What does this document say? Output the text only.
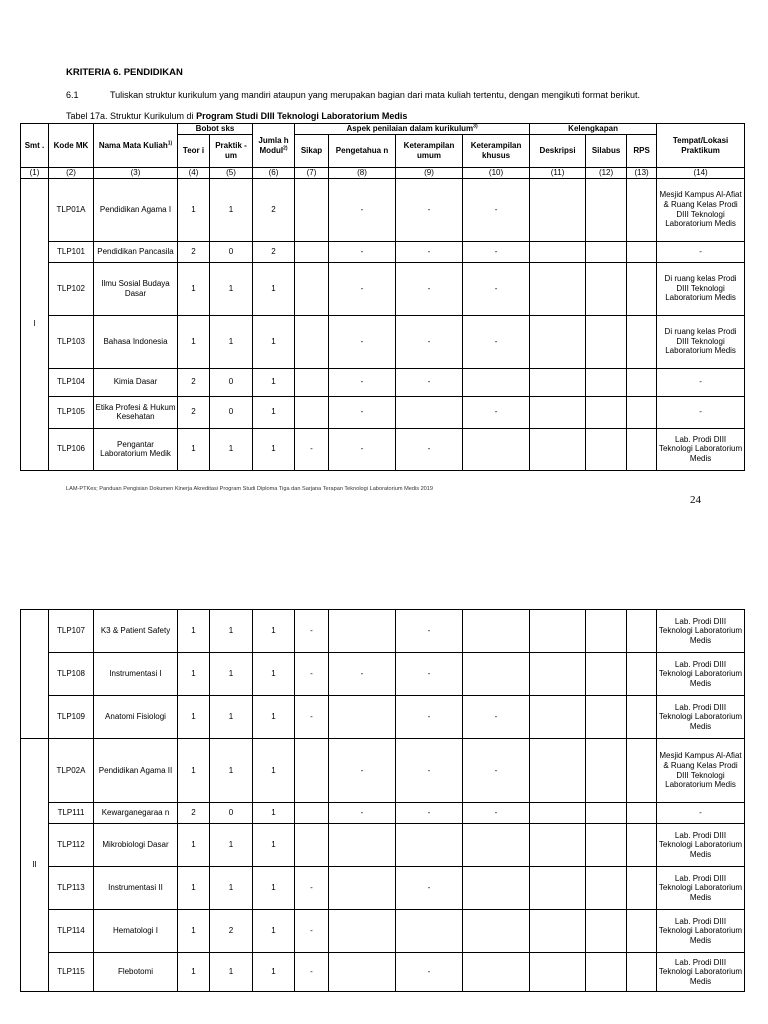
KRITERIA 6. PENDIDIKAN
6.1	Tuliskan struktur kurikulum yang mandiri ataupun yang merupakan bagian dari mata kuliah tertentu, dengan mengikuti format berikut.
Tabel 17a. Struktur Kurikulum di Program Studi DIII Teknologi Laboratorium Medis
Smt .	Kode MK	Nama Mata Kuliah$^{1)}$	Bobot sks		Jumla h Modul$^{2)}$	Aspek penilaian dalam kurikulum$^{3)}$				Kelengkapan			Tempat/Lokasi Praktikum
			Teor i	Praktik -um		Sikap	Pengetahua n	Keterampilan umum	Keterampilan khusus	Deskripsi	Silabus	RPS	
(1)	(2)	(3)	(4)	(5)	(6)	(7)	(8)	(9)	(10)	(11)	(12)	(13)	(14)
I	TLP01A	Pendidikan Agama I	1	1	2		-	-	-				Mesjid Kampus Al-Afiat & Ruang Kelas Prodi DIII Teknologi Laboratorium Medis
	TLP101	Pendidikan Pancasila	2	0	2		-	-	-				-
	TLP102	Ilmu Sosial Budaya Dasar	1	1	1		-	-	-				Di ruang kelas Prodi DIII Teknologi Laboratorium Medis
	TLP103	Bahasa Indonesia	1	1	1		-	-	-				Di ruang kelas Prodi DIII Teknologi Laboratorium Medis
	TLP104	Kimia Dasar	2	0	1		-	-					-
	TLP105	Etika Profesi & Hukum Kesehatan	2	0	1		-		-				-
	TLP106	Pengantar Laboratorium Medik	1	1	1	-	-	-					Lab. Prodi DIII Teknologi Laboratorium Medis
LAM-PTKes; Panduan Pengisian Dokumen Kinerja Akreditasi Program Studi Diploma Tiga dan Sarjana Terapan Teknologi Laboratorium Medis 2019
24
	TLP107	K3 & Patient Safety	1	1	1	-		-					Lab. Prodi DIII Teknologi Laboratorium Medis
	TLP108	Instrumentasi I	1	1	1	-	-	-					Lab. Prodi DIII Teknologi Laboratorium Medis
	TLP109	Anatomi Fisiologi	1	1	1	-		-	-				Lab. Prodi DIII Teknologi Laboratorium Medis
II	TLP02A	Pendidikan Agama II	1	1	1		-	-	-				Mesjid Kampus Al-Afiat & Ruang Kelas Prodi DIII Teknologi Laboratorium Medis
	TLP111	Kewarganegaraa n	2	0	1		-	-	-				-
	TLP112	Mikrobiologi Dasar	1	1	1								Lab. Prodi DIII Teknologi Laboratorium Medis
	TLP113	Instrumentasi II	1	1	1	-		-					Lab. Prodi DIII Teknologi Laboratorium Medis
	TLP114	Hematologi I	1	2	1	-							Lab. Prodi DIII Teknologi Laboratorium Medis
	TLP115	Flebotomi	1	1	1	-		-					Lab. Prodi DIII Teknologi Laboratorium Medis
